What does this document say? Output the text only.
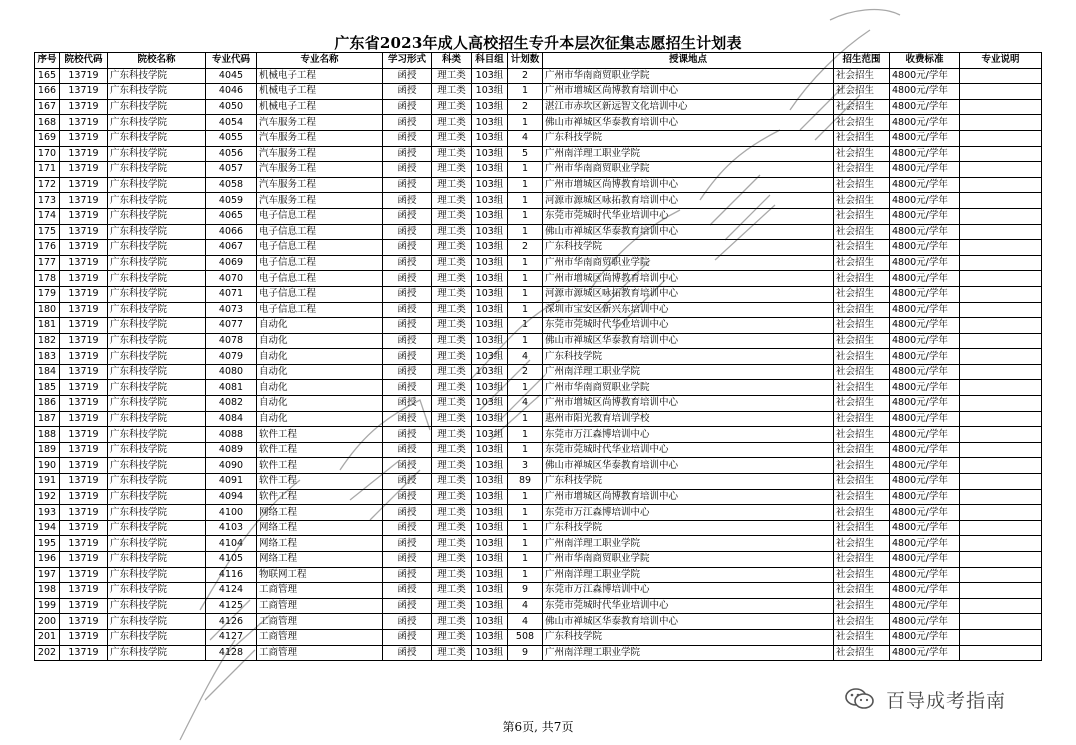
广东省2023年成人高校招生专升本层次征集志愿招生计划表
序号	院校代码	院校名称	专业代码	专业名称	学习形式	科类	科目组	计划数	授课地点	招生范围	收费标准	专业说明
165	13719	广东科技学院	4045	机械电子工程	函授	理工类	103组	2	广州市华南商贸职业学院	社会招生	4800元/学年	
166	13719	广东科技学院	4046	机械电子工程	函授	理工类	103组	1	广州市增城区尚博教育培训中心	社会招生	4800元/学年	
167	13719	广东科技学院	4050	机械电子工程	函授	理工类	103组	2	湛江市赤坎区新远智文化培训中心	社会招生	4800元/学年	
168	13719	广东科技学院	4054	汽车服务工程	函授	理工类	103组	1	佛山市禅城区华泰教育培训中心	社会招生	4800元/学年	
169	13719	广东科技学院	4055	汽车服务工程	函授	理工类	103组	4	广东科技学院	社会招生	4800元/学年	
170	13719	广东科技学院	4056	汽车服务工程	函授	理工类	103组	5	广州南洋理工职业学院	社会招生	4800元/学年	
171	13719	广东科技学院	4057	汽车服务工程	函授	理工类	103组	1	广州市华南商贸职业学院	社会招生	4800元/学年	
172	13719	广东科技学院	4058	汽车服务工程	函授	理工类	103组	1	广州市增城区尚博教育培训中心	社会招生	4800元/学年	
173	13719	广东科技学院	4059	汽车服务工程	函授	理工类	103组	1	河源市源城区咏拓教育培训中心	社会招生	4800元/学年	
174	13719	广东科技学院	4065	电子信息工程	函授	理工类	103组	1	东莞市莞城时代华业培训中心	社会招生	4800元/学年	
175	13719	广东科技学院	4066	电子信息工程	函授	理工类	103组	1	佛山市禅城区华泰教育培训中心	社会招生	4800元/学年	
176	13719	广东科技学院	4067	电子信息工程	函授	理工类	103组	2	广东科技学院	社会招生	4800元/学年	
177	13719	广东科技学院	4069	电子信息工程	函授	理工类	103组	1	广州市华南商贸职业学院	社会招生	4800元/学年	
178	13719	广东科技学院	4070	电子信息工程	函授	理工类	103组	1	广州市增城区尚博教育培训中心	社会招生	4800元/学年	
179	13719	广东科技学院	4071	电子信息工程	函授	理工类	103组	1	河源市源城区咏拓教育培训中心	社会招生	4800元/学年	
180	13719	广东科技学院	4073	电子信息工程	函授	理工类	103组	1	深圳市宝安区新兴东培训中心	社会招生	4800元/学年	
181	13719	广东科技学院	4077	自动化	函授	理工类	103组	1	东莞市莞城时代华业培训中心	社会招生	4800元/学年	
182	13719	广东科技学院	4078	自动化	函授	理工类	103组	1	佛山市禅城区华泰教育培训中心	社会招生	4800元/学年	
183	13719	广东科技学院	4079	自动化	函授	理工类	103组	4	广东科技学院	社会招生	4800元/学年	
184	13719	广东科技学院	4080	自动化	函授	理工类	103组	2	广州南洋理工职业学院	社会招生	4800元/学年	
185	13719	广东科技学院	4081	自动化	函授	理工类	103组	1	广州市华南商贸职业学院	社会招生	4800元/学年	
186	13719	广东科技学院	4082	自动化	函授	理工类	103组	4	广州市增城区尚博教育培训中心	社会招生	4800元/学年	
187	13719	广东科技学院	4084	自动化	函授	理工类	103组	1	惠州市阳光教育培训学校	社会招生	4800元/学年	
188	13719	广东科技学院	4088	软件工程	函授	理工类	103组	1	东莞市万江森博培训中心	社会招生	4800元/学年	
189	13719	广东科技学院	4089	软件工程	函授	理工类	103组	1	东莞市莞城时代华业培训中心	社会招生	4800元/学年	
190	13719	广东科技学院	4090	软件工程	函授	理工类	103组	3	佛山市禅城区华泰教育培训中心	社会招生	4800元/学年	
191	13719	广东科技学院	4091	软件工程	函授	理工类	103组	89	广东科技学院	社会招生	4800元/学年	
192	13719	广东科技学院	4094	软件工程	函授	理工类	103组	1	广州市增城区尚博教育培训中心	社会招生	4800元/学年	
193	13719	广东科技学院	4100	网络工程	函授	理工类	103组	1	东莞市万江森博培训中心	社会招生	4800元/学年	
194	13719	广东科技学院	4103	网络工程	函授	理工类	103组	1	广东科技学院	社会招生	4800元/学年	
195	13719	广东科技学院	4104	网络工程	函授	理工类	103组	1	广州南洋理工职业学院	社会招生	4800元/学年	
196	13719	广东科技学院	4105	网络工程	函授	理工类	103组	1	广州市华南商贸职业学院	社会招生	4800元/学年	
197	13719	广东科技学院	4116	物联网工程	函授	理工类	103组	1	广州南洋理工职业学院	社会招生	4800元/学年	
198	13719	广东科技学院	4124	工商管理	函授	理工类	103组	9	东莞市万江森博培训中心	社会招生	4800元/学年	
199	13719	广东科技学院	4125	工商管理	函授	理工类	103组	4	东莞市莞城时代华业培训中心	社会招生	4800元/学年	
200	13719	广东科技学院	4126	工商管理	函授	理工类	103组	4	佛山市禅城区华泰教育培训中心	社会招生	4800元/学年	
201	13719	广东科技学院	4127	工商管理	函授	理工类	103组	508	广东科技学院	社会招生	4800元/学年	
202	13719	广东科技学院	4128	工商管理	函授	理工类	103组	9	广州南洋理工职业学院	社会招生	4800元/学年	
第6页, 共7页
百导成考指南
